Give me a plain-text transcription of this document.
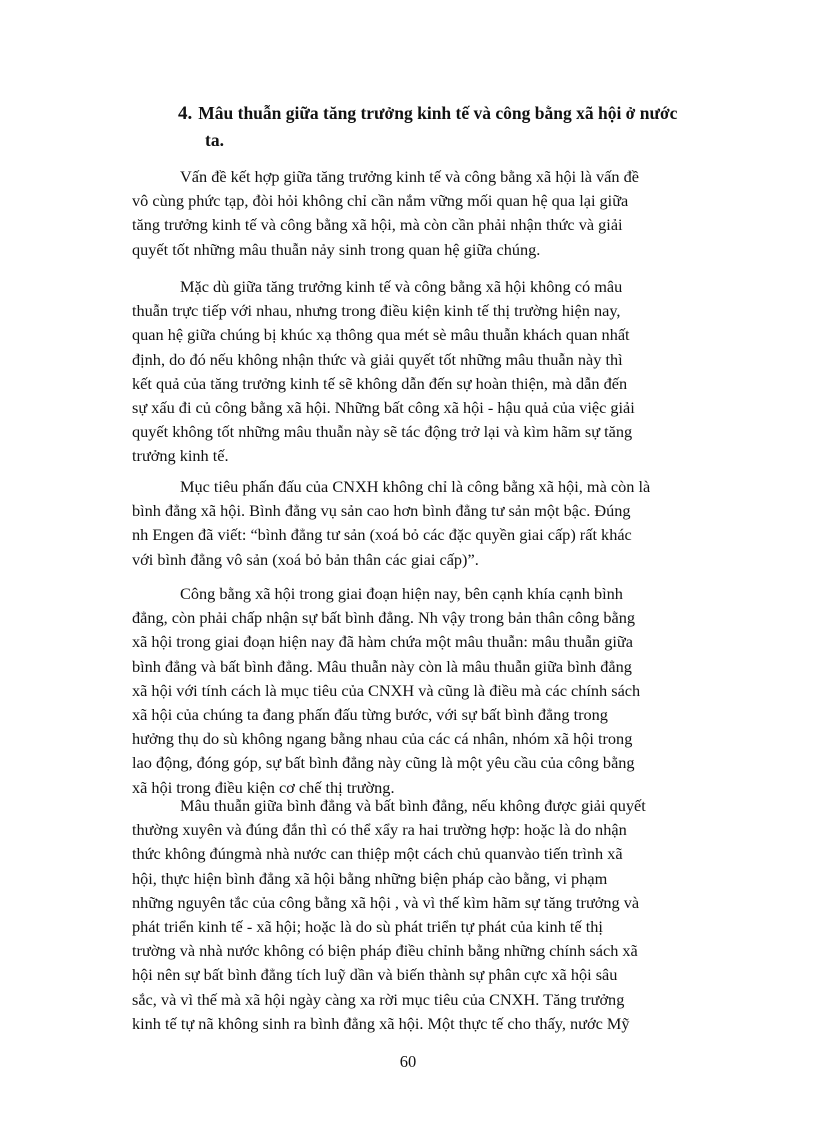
4. Mâu thuẫn giữa tăng trưởng kinh tế và công bằng xã hội ở nước
ta.
Vấn đề kết hợp giữa tăng trưởng kinh tế và công bằng xã hội là vấn đề
vô cùng phức tạp, đòi hỏi không chỉ cần nắm vững mối quan hệ qua lại giữa
tăng trưởng kinh tế và công bằng xã hội, mà còn cần phải nhận thức và giải
quyết tốt những mâu thuẫn nảy sinh trong quan hệ giữa chúng.
Mặc dù giữa tăng trưởng kinh tế và công bằng xã hội không có mâu
thuẫn trực tiếp với nhau, nhưng trong điều kiện kinh tế thị trường hiện nay,
quan hệ giữa chúng bị khúc xạ thông qua mét sè mâu thuẫn khách quan nhất
định, do đó nếu không nhận thức và giải quyết tốt những mâu thuẫn này thì
kết quả của tăng trưởng kinh tế sẽ không dẫn đến sự hoàn thiện, mà dẫn đến
sự xấu đi củ công bằng xã hội. Những bất công xã hội - hậu quả của việc giải
quyết không tốt những mâu thuẫn này sẽ tác động trở lại và kìm hãm sự tăng
trưởng kinh tế.
Mục tiêu phấn đấu của CNXH không chỉ là công bằng xã hội, mà còn là
bình đẳng xã hội. Bình đẳng vụ sản cao hơn bình đẳng tư sản một bậc. Đúng
nh Engen đã viết: “bình đẳng tư sản (xoá bỏ các đặc quyền giai cấp) rất khác
với bình đẳng vô sản (xoá bỏ bản thân các giai cấp)”.
Công bằng xã hội trong giai đoạn hiện nay, bên cạnh khía cạnh bình
đẳng, còn phải chấp nhận sự bất bình đẳng. Nh vậy trong bản thân công bằng
xã hội trong giai đoạn hiện nay đã hàm chứa một mâu thuẫn: mâu thuẫn giữa
bình đẳng và bất bình đẳng. Mâu thuẫn này còn là mâu thuẫn giữa bình đẳng
xã hội với tính cách là mục tiêu của CNXH và cũng là điều mà các chính sách
xã hội của chúng ta đang phấn đấu từng bước, với sự bất bình đẳng trong
hưởng thụ do sù không ngang bằng nhau của các cá nhân, nhóm xã hội trong
lao động, đóng góp, sự bất bình đẳng này cũng là một yêu cầu của công bằng
xã hội trong điều kiện cơ chế thị trường.
Mâu thuẫn giữa bình đẳng và bất bình đẳng, nếu không được giải quyết
thường xuyên và đúng đắn thì có thể xẩy ra hai trường hợp: hoặc là do nhận
thức không đúngmà nhà nước can thiệp một cách chủ quanvào tiến trình xã
hội, thực hiện bình đẳng xã hội bằng những biện pháp cào bằng, vi phạm
những nguyên tắc của công bằng xã hội , và vì thế kìm hãm sự tăng trưởng và
phát triển kinh tế - xã hội; hoặc là do sù phát triển tự phát của kinh tế thị
trường và nhà nước không có biện pháp điều chỉnh bằng những chính sách xã
hội nên sự bất bình đẳng tích luỹ dần và biến thành sự phân cực xã hội sâu
sắc, và vì thế mà xã hội ngày càng xa rời mục tiêu của CNXH. Tăng trưởng
kinh tế tự nã không sinh ra bình đẳng xã hội. Một thực tế cho thấy, nước Mỹ
60
